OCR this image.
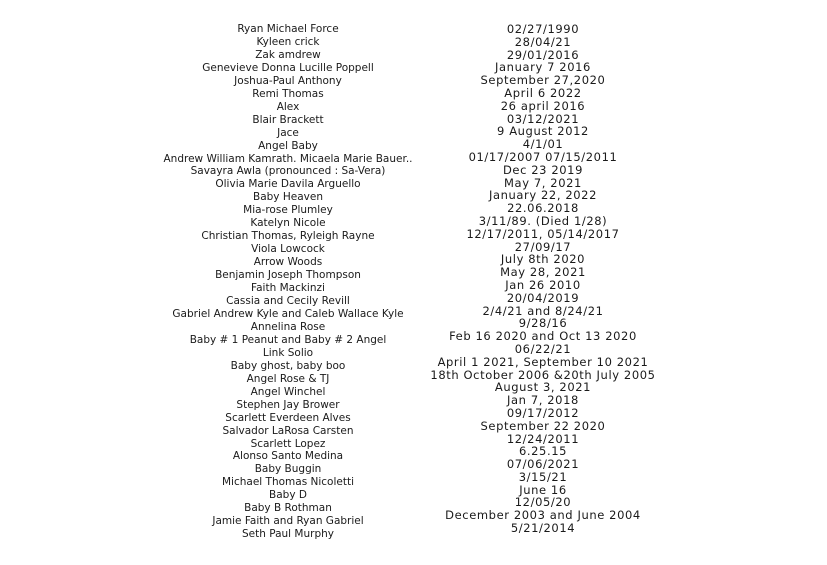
Ryan Michael Force
Kyleen crick
Zak amdrew
Genevieve Donna Lucille Poppell
Joshua-Paul Anthony
Remi Thomas
Alex
Blair Brackett
Jace
Angel Baby
Andrew William Kamrath. Micaela Marie Bauer..
Savayra Awla (pronounced : Sa-Vera)
Olivia Marie Davila Arguello
Baby Heaven
Mia-rose Plumley
Katelyn Nicole
Christian Thomas, Ryleigh Rayne
Viola Lowcock
Arrow Woods
Benjamin Joseph Thompson
Faith Mackinzi
Cassia and Cecily Revill
Gabriel Andrew Kyle and Caleb Wallace Kyle
Annelina Rose
Baby # 1 Peanut and Baby # 2 Angel
Link Solio
Baby ghost, baby boo
Angel Rose & TJ
Angel Winchel
Stephen Jay Brower
Scarlett Everdeen Alves
Salvador LaRosa Carsten
Scarlett Lopez
Alonso Santo Medina
Baby Buggin
Michael Thomas Nicoletti
Baby D
Baby B Rothman
Jamie Faith and Ryan Gabriel
Seth Paul Murphy
02/27/1990
28/04/21
29/01/2016
January 7 2016
September 27,2020
April 6 2022
26 april 2016
03/12/2021
9 August 2012
4/1/01
01/17/2007 07/15/2011
Dec 23 2019
May 7, 2021
January 22, 2022
22.06.2018
3/11/89. (Died 1/28)
12/17/2011, 05/14/2017
27/09/17
July 8th 2020
May 28, 2021
Jan 26 2010
20/04/2019
2/4/21 and 8/24/21
9/28/16
Feb 16 2020 and Oct 13 2020
06/22/21
April 1 2021, September 10 2021
18th October 2006 &20th July 2005
August 3, 2021
Jan 7, 2018
09/17/2012
September 22 2020
12/24/2011
6.25.15
07/06/2021
3/15/21
June 16
12/05/20
December 2003 and June 2004
5/21/2014
